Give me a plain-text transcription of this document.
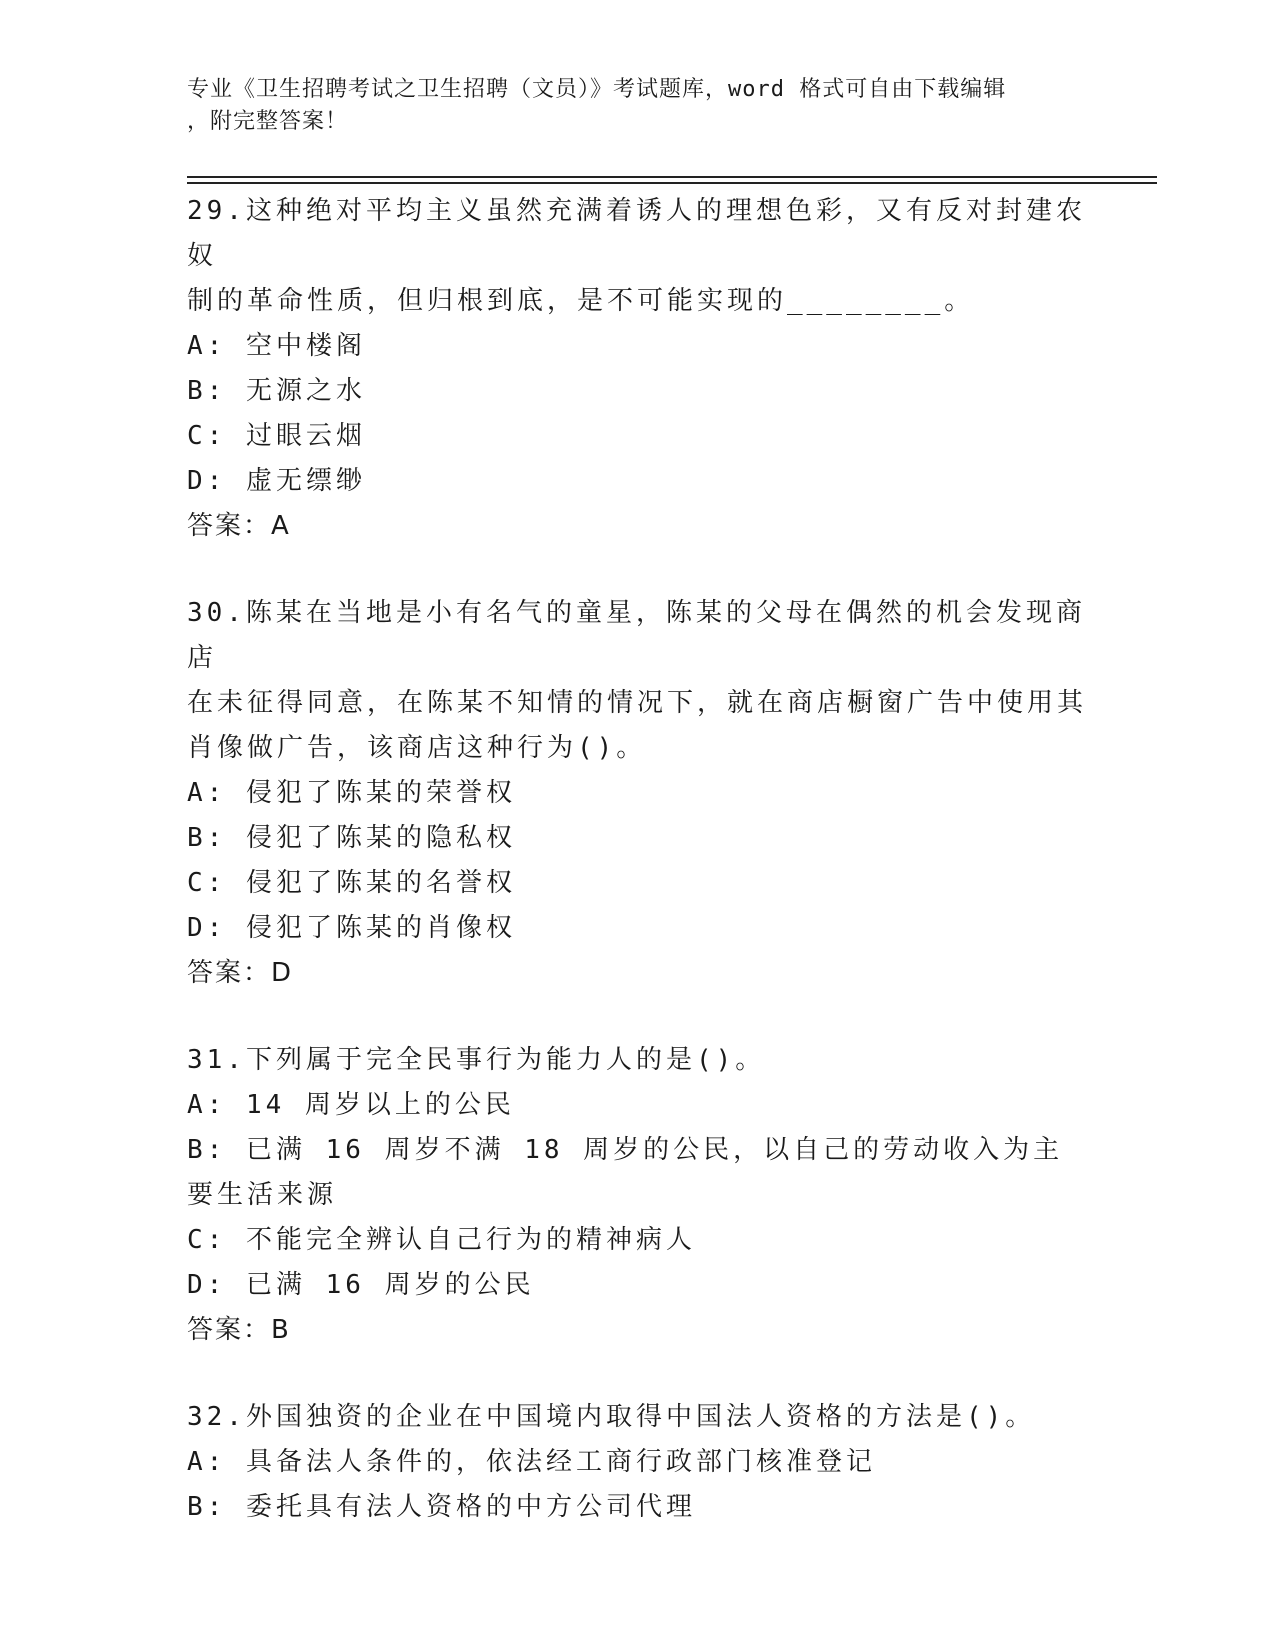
专业《卫生招聘考试之卫生招聘（文员）》考试题库，word 格式可自由下载编辑
，附完整答案！

29.这种绝对平均主义虽然充满着诱人的理想色彩，又有反对封建农奴

制的革命性质，但归根到底，是不可能实现的________。

A: 空中楼阁

B: 无源之水

C: 过眼云烟

D: 虚无缥缈

答案：A

30.陈某在当地是小有名气的童星，陈某的父母在偶然的机会发现商店

在未征得同意，在陈某不知情的情况下，就在商店橱窗广告中使用其

肖像做广告，该商店这种行为()。

A: 侵犯了陈某的荣誉权

B: 侵犯了陈某的隐私权

C: 侵犯了陈某的名誉权

D: 侵犯了陈某的肖像权

答案：D

31.下列属于完全民事行为能力人的是()。

A: 14 周岁以上的公民

B: 已满 16 周岁不满 18 周岁的公民，以自己的劳动收入为主要生活来源

C: 不能完全辨认自己行为的精神病人

D: 已满 16 周岁的公民

答案：B

32.外国独资的企业在中国境内取得中国法人资格的方法是()。

A: 具备法人条件的，依法经工商行政部门核准登记

B: 委托具有法人资格的中方公司代理
